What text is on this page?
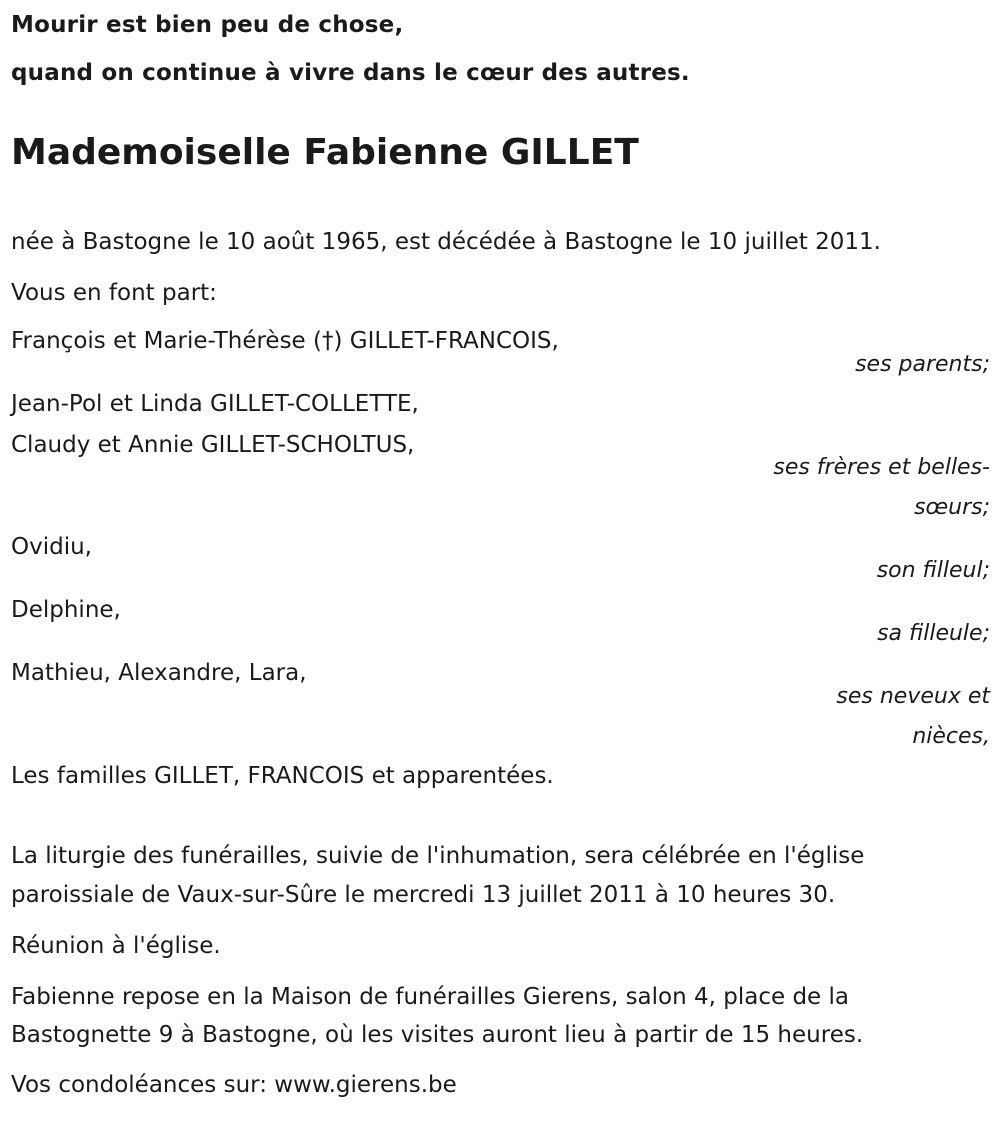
Mourir est bien peu de chose,
quand on continue à vivre dans le cœur des autres.
Mademoiselle Fabienne GILLET
née à Bastogne le 10 août 1965, est décédée à Bastogne le 10 juillet 2011.
Vous en font part:
François et Marie-Thérèse (†) GILLET-FRANCOIS,
ses parents;
Jean-Pol et Linda GILLET-COLLETTE,
Claudy et Annie GILLET-SCHOLTUS,
ses frères et belles-
sœurs;
Ovidiu,
son filleul;
Delphine,
sa filleule;
Mathieu, Alexandre, Lara,
ses neveux et
nièces,
Les familles GILLET, FRANCOIS et apparentées.
La liturgie des funérailles, suivie de l'inhumation, sera célébrée en l'église
paroissiale de Vaux-sur-Sûre le mercredi 13 juillet 2011 à 10 heures 30.
Réunion à l'église.
Fabienne repose en la Maison de funérailles Gierens, salon 4, place de la
Bastognette 9 à Bastogne, où les visites auront lieu à partir de 15 heures.
Vos condoléances sur: www.gierens.be
